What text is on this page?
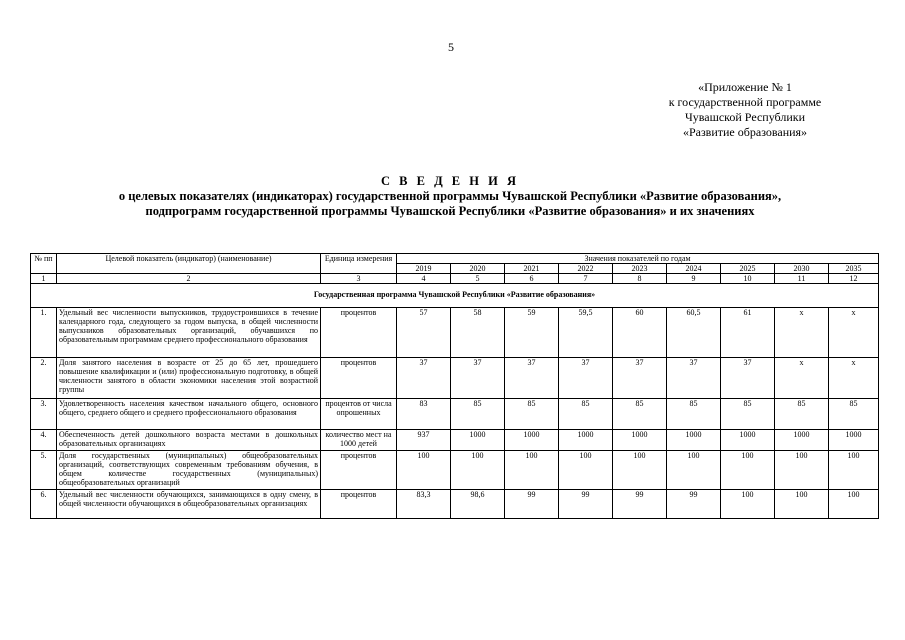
5
«Приложение № 1
к государственной программе
Чувашской Республики
«Развитие образования»
С В Е Д Е Н И Я
о целевых показателях (индикаторах) государственной программы Чувашской Республики «Развитие образования»,
подпрограмм государственной программы Чувашской Республики «Развитие образования» и их значениях
№ пп	Целевой показатель (индикатор) (наименование)	Единица измерения	Значения показателей по годам								
			2019	2020	2021	2022	2023	2024	2025	2030	2035
1	2	3	4	5	6	7	8	9	10	11	12
Государственная программа Чувашской Республики «Развитие образования»											
1.	Удельный вес численности выпускников, трудоустроившихся в течение календарного года, следующего за годом выпуска, в общей численности выпускников образовательных организаций, обучавшихся по образовательным программам среднего профессионального образования	процентов	57	58	59	59,5	60	60,5	61	x	x
2.	Доля занятого населения в возрасте от 25 до 65 лет, прошедшего повышение квалификации и (или) профессиональную подготовку, в общей численности занятого в области экономики населения этой возрастной группы	процентов	37	37	37	37	37	37	37	x	x
3.	Удовлетворенность населения качеством начального общего, основного общего, среднего общего и среднего профессионального образования	процентов от числа опрошенных	83	85	85	85	85	85	85	85	85
4.	Обеспеченность детей дошкольного возраста местами в дошкольных образовательных организациях	количество мест на 1000 детей	937	1000	1000	1000	1000	1000	1000	1000	1000
5.	Доля государственных (муниципальных) общеобразовательных организаций, соответствующих современным требованиям обучения, в общем количестве государственных (муниципальных) общеобразовательных организаций	процентов	100	100	100	100	100	100	100	100	100
6.	Удельный вес численности обучающихся, занимающихся в одну смену, в общей численности обучающихся в общеобразовательных организациях	процентов	83,3	98,6	99	99	99	99	100	100	100
